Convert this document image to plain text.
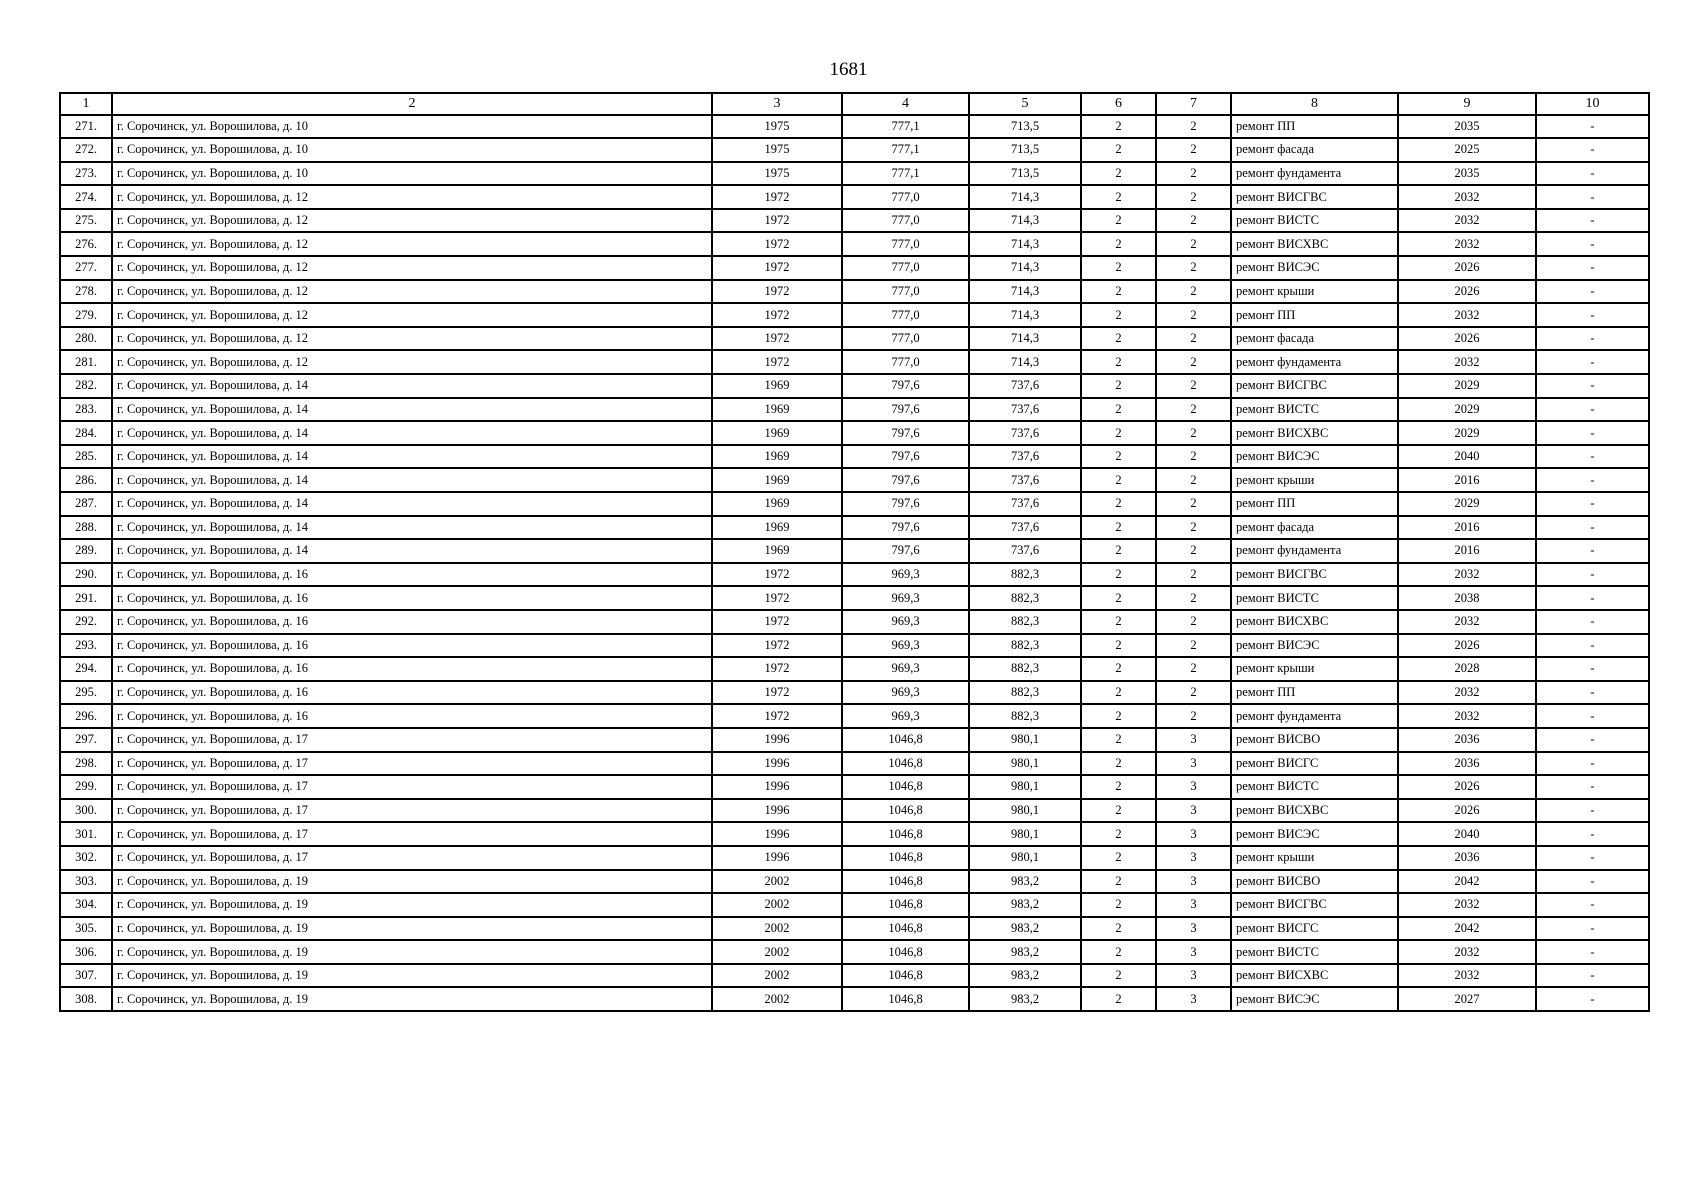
1681
1	2	3	4	5	6	7	8	9	10
271.	г. Сорочинск, ул. Ворошилова, д. 10	1975	777,1	713,5	2	2	ремонт ПП	2035	-
272.	г. Сорочинск, ул. Ворошилова, д. 10	1975	777,1	713,5	2	2	ремонт фасада	2025	-
273.	г. Сорочинск, ул. Ворошилова, д. 10	1975	777,1	713,5	2	2	ремонт фундамента	2035	-
274.	г. Сорочинск, ул. Ворошилова, д. 12	1972	777,0	714,3	2	2	ремонт ВИСГВС	2032	-
275.	г. Сорочинск, ул. Ворошилова, д. 12	1972	777,0	714,3	2	2	ремонт ВИСТС	2032	-
276.	г. Сорочинск, ул. Ворошилова, д. 12	1972	777,0	714,3	2	2	ремонт ВИСХВС	2032	-
277.	г. Сорочинск, ул. Ворошилова, д. 12	1972	777,0	714,3	2	2	ремонт ВИСЭС	2026	-
278.	г. Сорочинск, ул. Ворошилова, д. 12	1972	777,0	714,3	2	2	ремонт крыши	2026	-
279.	г. Сорочинск, ул. Ворошилова, д. 12	1972	777,0	714,3	2	2	ремонт ПП	2032	-
280.	г. Сорочинск, ул. Ворошилова, д. 12	1972	777,0	714,3	2	2	ремонт фасада	2026	-
281.	г. Сорочинск, ул. Ворошилова, д. 12	1972	777,0	714,3	2	2	ремонт фундамента	2032	-
282.	г. Сорочинск, ул. Ворошилова, д. 14	1969	797,6	737,6	2	2	ремонт ВИСГВС	2029	-
283.	г. Сорочинск, ул. Ворошилова, д. 14	1969	797,6	737,6	2	2	ремонт ВИСТС	2029	-
284.	г. Сорочинск, ул. Ворошилова, д. 14	1969	797,6	737,6	2	2	ремонт ВИСХВС	2029	-
285.	г. Сорочинск, ул. Ворошилова, д. 14	1969	797,6	737,6	2	2	ремонт ВИСЭС	2040	-
286.	г. Сорочинск, ул. Ворошилова, д. 14	1969	797,6	737,6	2	2	ремонт крыши	2016	-
287.	г. Сорочинск, ул. Ворошилова, д. 14	1969	797,6	737,6	2	2	ремонт ПП	2029	-
288.	г. Сорочинск, ул. Ворошилова, д. 14	1969	797,6	737,6	2	2	ремонт фасада	2016	-
289.	г. Сорочинск, ул. Ворошилова, д. 14	1969	797,6	737,6	2	2	ремонт фундамента	2016	-
290.	г. Сорочинск, ул. Ворошилова, д. 16	1972	969,3	882,3	2	2	ремонт ВИСГВС	2032	-
291.	г. Сорочинск, ул. Ворошилова, д. 16	1972	969,3	882,3	2	2	ремонт ВИСТС	2038	-
292.	г. Сорочинск, ул. Ворошилова, д. 16	1972	969,3	882,3	2	2	ремонт ВИСХВС	2032	-
293.	г. Сорочинск, ул. Ворошилова, д. 16	1972	969,3	882,3	2	2	ремонт ВИСЭС	2026	-
294.	г. Сорочинск, ул. Ворошилова, д. 16	1972	969,3	882,3	2	2	ремонт крыши	2028	-
295.	г. Сорочинск, ул. Ворошилова, д. 16	1972	969,3	882,3	2	2	ремонт ПП	2032	-
296.	г. Сорочинск, ул. Ворошилова, д. 16	1972	969,3	882,3	2	2	ремонт фундамента	2032	-
297.	г. Сорочинск, ул. Ворошилова, д. 17	1996	1046,8	980,1	2	3	ремонт ВИСВО	2036	-
298.	г. Сорочинск, ул. Ворошилова, д. 17	1996	1046,8	980,1	2	3	ремонт ВИСГС	2036	-
299.	г. Сорочинск, ул. Ворошилова, д. 17	1996	1046,8	980,1	2	3	ремонт ВИСТС	2026	-
300.	г. Сорочинск, ул. Ворошилова, д. 17	1996	1046,8	980,1	2	3	ремонт ВИСХВС	2026	-
301.	г. Сорочинск, ул. Ворошилова, д. 17	1996	1046,8	980,1	2	3	ремонт ВИСЭС	2040	-
302.	г. Сорочинск, ул. Ворошилова, д. 17	1996	1046,8	980,1	2	3	ремонт крыши	2036	-
303.	г. Сорочинск, ул. Ворошилова, д. 19	2002	1046,8	983,2	2	3	ремонт ВИСВО	2042	-
304.	г. Сорочинск, ул. Ворошилова, д. 19	2002	1046,8	983,2	2	3	ремонт ВИСГВС	2032	-
305.	г. Сорочинск, ул. Ворошилова, д. 19	2002	1046,8	983,2	2	3	ремонт ВИСГС	2042	-
306.	г. Сорочинск, ул. Ворошилова, д. 19	2002	1046,8	983,2	2	3	ремонт ВИСТС	2032	-
307.	г. Сорочинск, ул. Ворошилова, д. 19	2002	1046,8	983,2	2	3	ремонт ВИСХВС	2032	-
308.	г. Сорочинск, ул. Ворошилова, д. 19	2002	1046,8	983,2	2	3	ремонт ВИСЭС	2027	-
